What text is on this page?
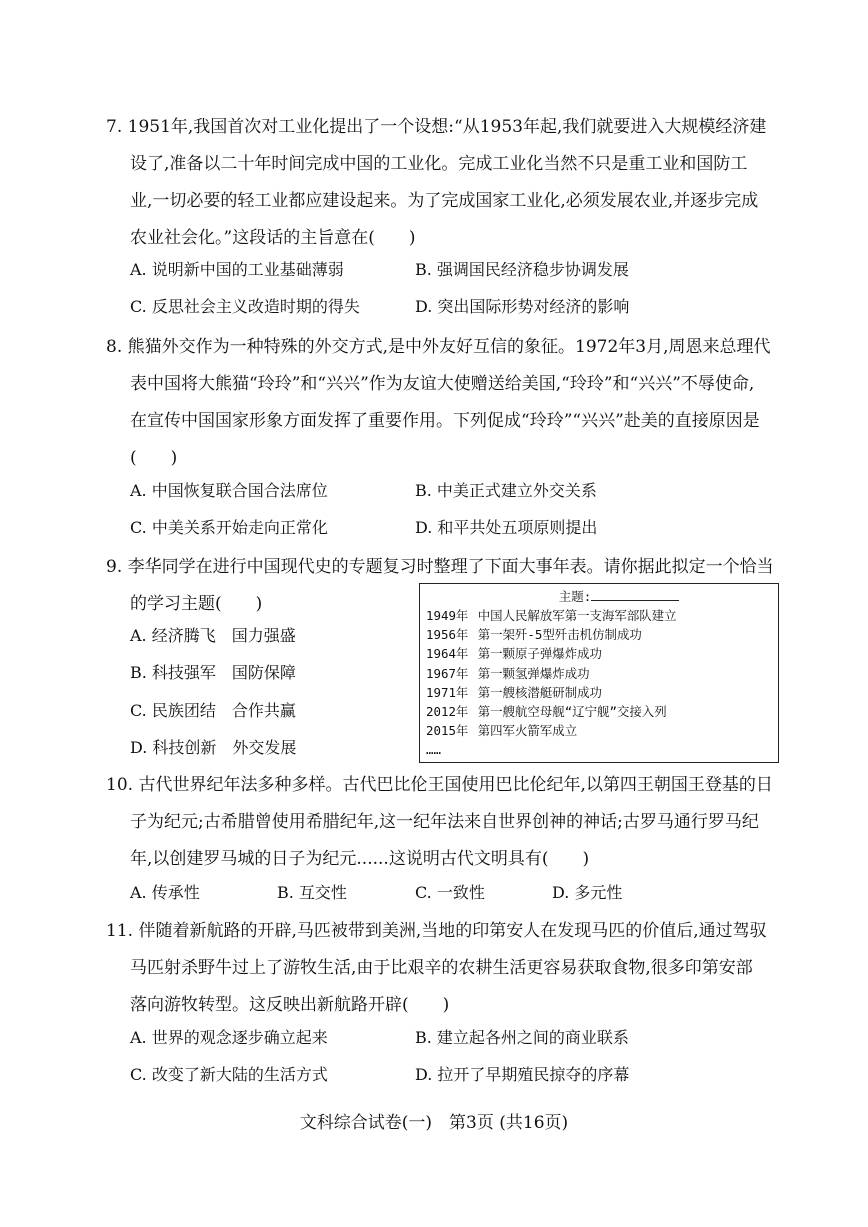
7. 1951年,我国首次对工业化提出了一个设想:“从1953年起,我们就要进入大规模经济建
设了,准备以二十年时间完成中国的工业化。完成工业化当然不只是重工业和国防工
业,一切必要的轻工业都应建设起来。为了完成国家工业化,必须发展农业,并逐步完成
农业社会化。”这段话的主旨意在(　　)
A. 说明新中国的工业基础薄弱	B. 强调国民经济稳步协调发展
C. 反思社会主义改造时期的得失	D. 突出国际形势对经济的影响
8. 熊猫外交作为一种特殊的外交方式,是中外友好互信的象征。1972年3月,周恩来总理代
表中国将大熊猫“玲玲”和“兴兴”作为友谊大使赠送给美国,“玲玲”和“兴兴”不辱使命,
在宣传中国国家形象方面发挥了重要作用。下列促成“玲玲”“兴兴”赴美的直接原因是
(　　)
A. 中国恢复联合国合法席位	B. 中美正式建立外交关系
C. 中美关系开始走向正常化	D. 和平共处五项原则提出
9. 李华同学在进行中国现代史的专题复习时整理了下面大事年表。请你据此拟定一个恰当
的学习主题(　　)
A. 经济腾飞　国力强盛
B. 科技强军　国防保障
C. 民族团结　合作共赢
D. 科技创新　外交发展
主题:
1949年 中国人民解放军第一支海军部队建立
1956年 第一架歼-5型歼击机仿制成功
1964年 第一颗原子弹爆炸成功
1967年 第一颗氢弹爆炸成功
1971年 第一艘核潜艇研制成功
2012年 第一艘航空母舰“辽宁舰”交接入列
2015年 第四军火箭军成立
……
10. 古代世界纪年法多种多样。古代巴比伦王国使用巴比伦纪年,以第四王朝国王登基的日
子为纪元;古希腊曾使用希腊纪年,这一纪年法来自世界创神的神话;古罗马通行罗马纪
年,以创建罗马城的日子为纪元......这说明古代文明具有(　　)
A. 传承性	B. 互交性	C. 一致性	D. 多元性
11. 伴随着新航路的开辟,马匹被带到美洲,当地的印第安人在发现马匹的价值后,通过驾驭
马匹射杀野牛过上了游牧生活,由于比艰辛的农耕生活更容易获取食物,很多印第安部
落向游牧转型。这反映出新航路开辟(　　)
A. 世界的观念逐步确立起来	B. 建立起各州之间的商业联系
C. 改变了新大陆的生活方式	D. 拉开了早期殖民掠夺的序幕
文科综合试卷(一)　第3页 (共16页)
